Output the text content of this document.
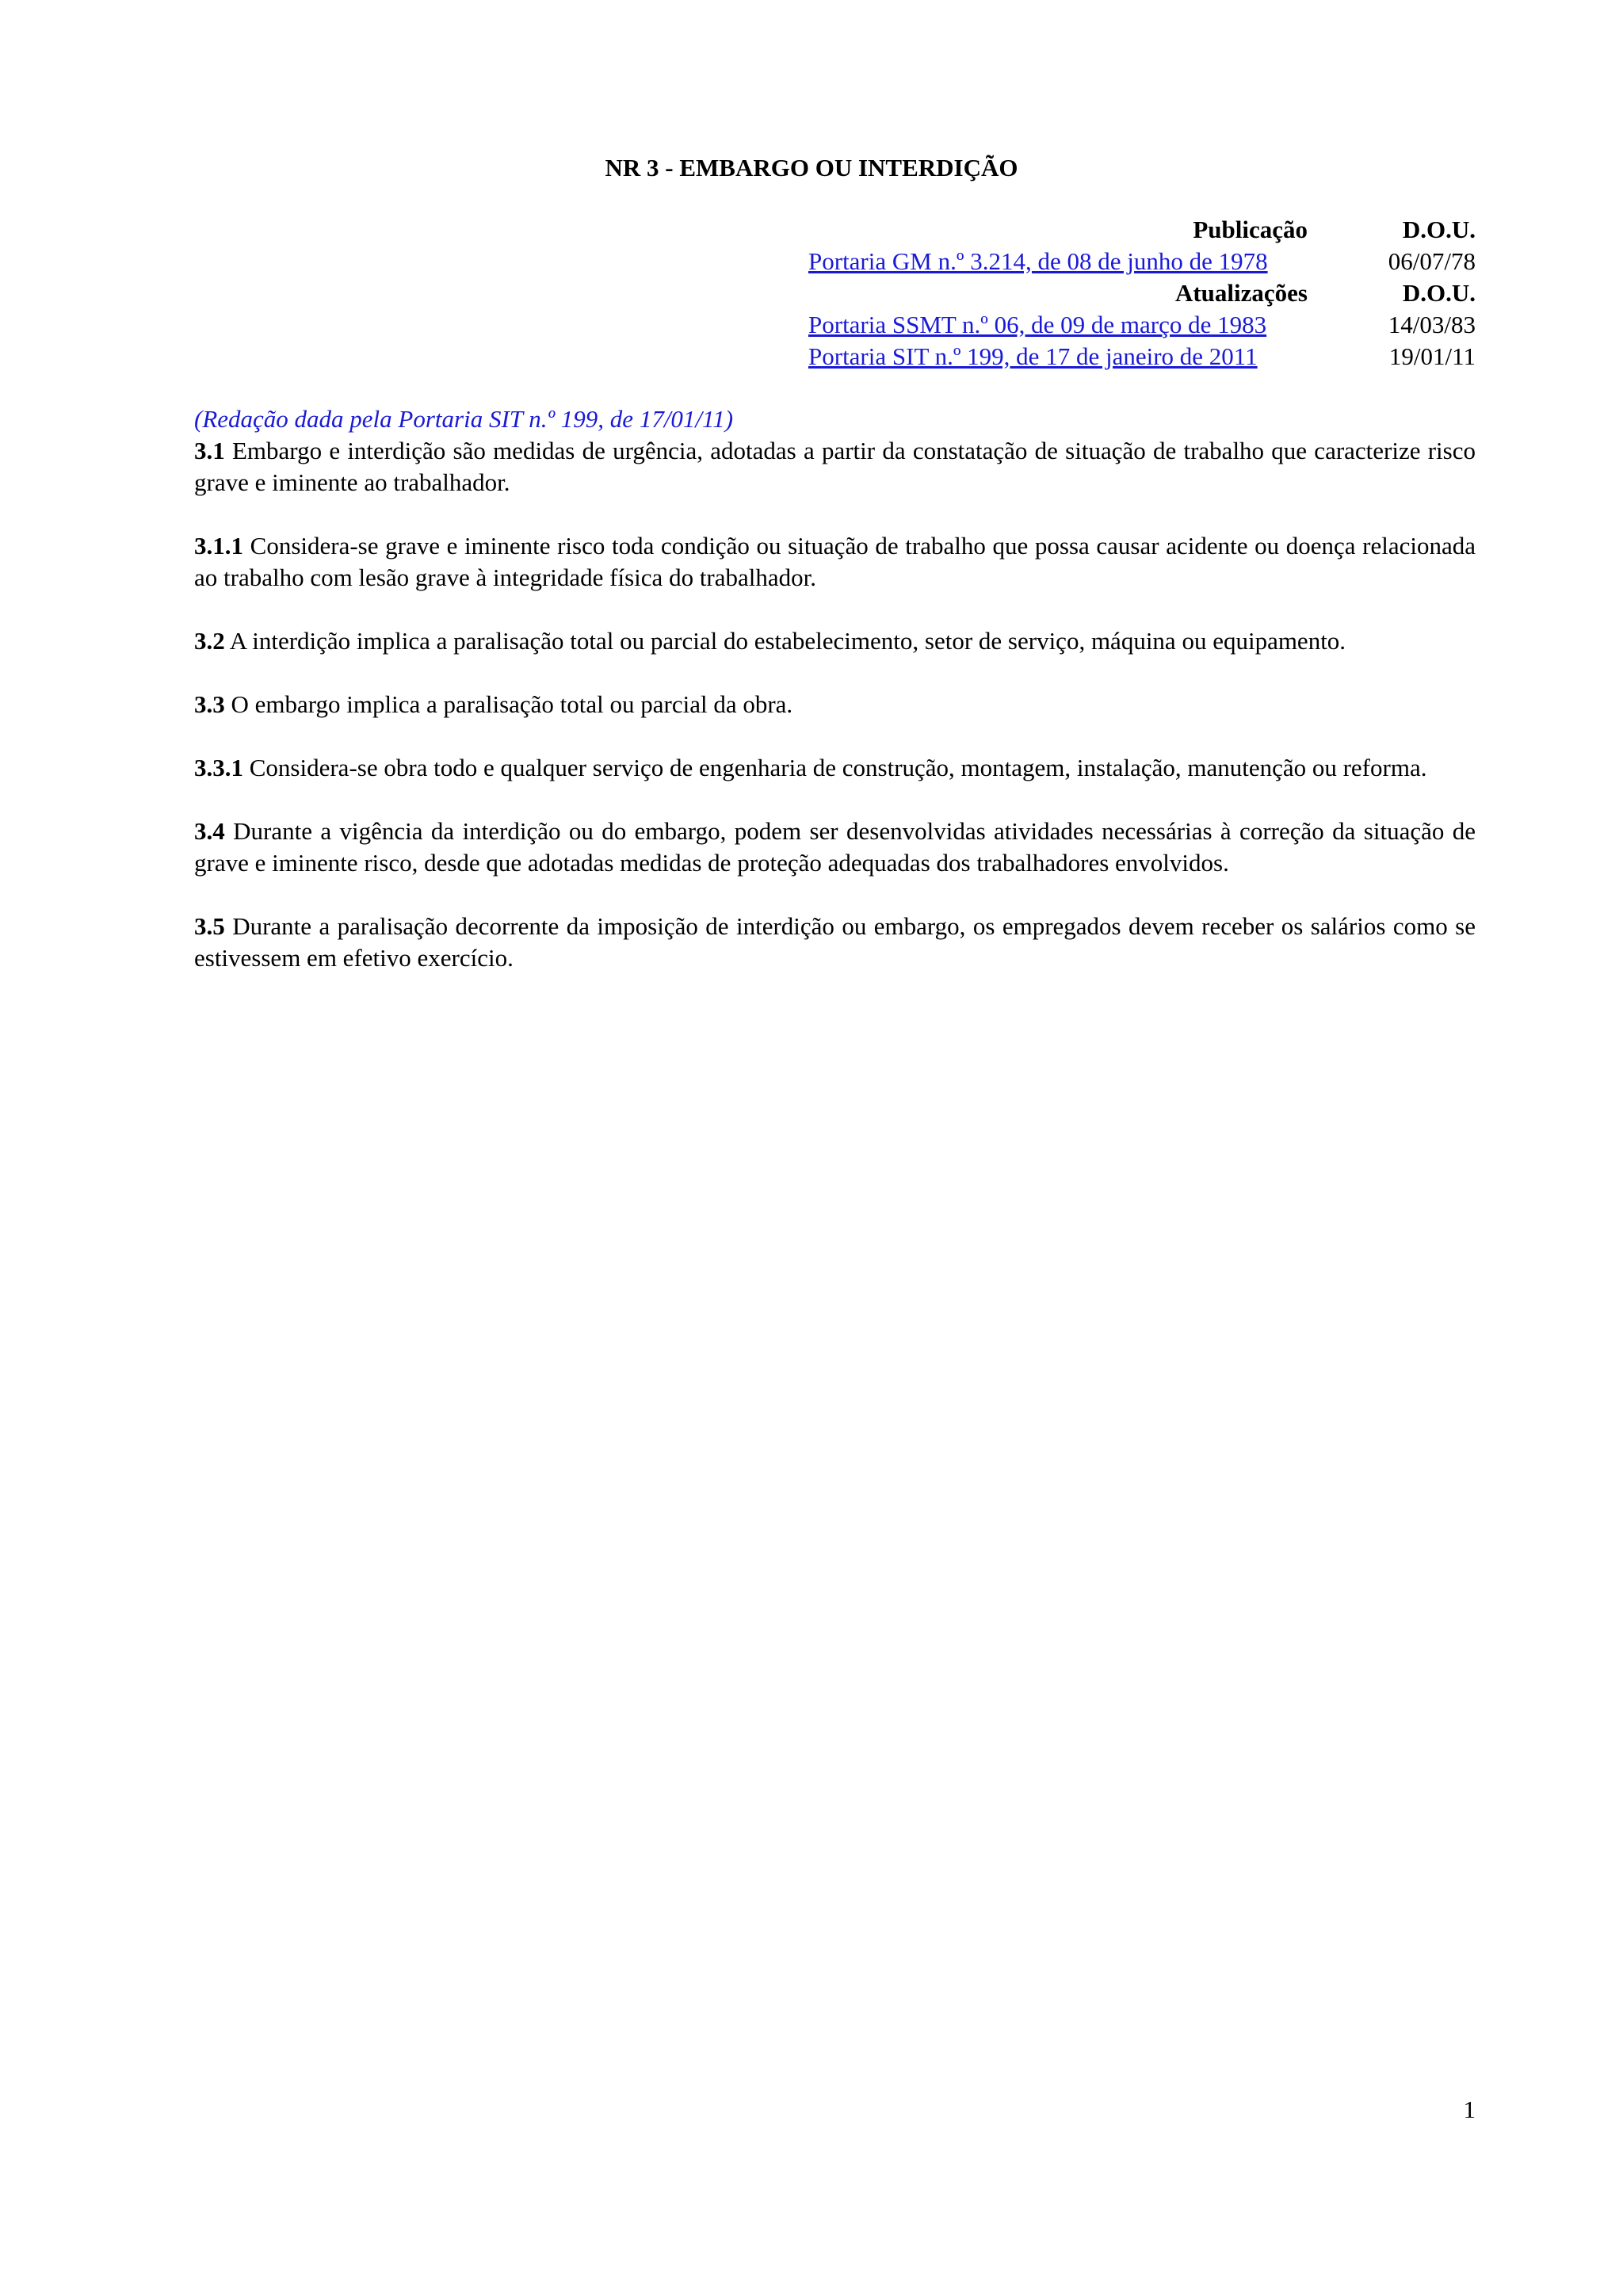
NR 3 - EMBARGO OU INTERDIÇÃO
Publicação	D.O.U.
Portaria GM n.º 3.214, de 08 de junho de 1978	06/07/78
Atualizações	D.O.U.
Portaria SSMT n.º 06, de 09 de março de 1983	14/03/83
Portaria SIT n.º 199, de 17 de janeiro de 2011	19/01/11
(Redação dada pela Portaria SIT n.º 199, de 17/01/11)

3.1 Embargo e interdição são medidas de urgência, adotadas a partir da constatação de situação de trabalho que caracterize risco grave e iminente ao trabalhador.

3.1.1 Considera-se grave e iminente risco toda condição ou situação de trabalho que possa causar acidente ou doença relacionada ao trabalho com lesão grave à integridade física do trabalhador.

3.2 A interdição implica a paralisação total ou parcial do estabelecimento, setor de serviço, máquina ou equipamento.

3.3 O embargo implica a paralisação total ou parcial da obra.

3.3.1 Considera-se obra todo e qualquer serviço de engenharia de construção, montagem, instalação, manutenção ou reforma.

3.4 Durante a vigência da interdição ou do embargo, podem ser desenvolvidas atividades necessárias à correção da situação de grave e iminente risco, desde que adotadas medidas de proteção adequadas dos trabalhadores envolvidos.

3.5 Durante a paralisação decorrente da imposição de interdição ou embargo, os empregados devem receber os salários como se estivessem em efetivo exercício.

1
